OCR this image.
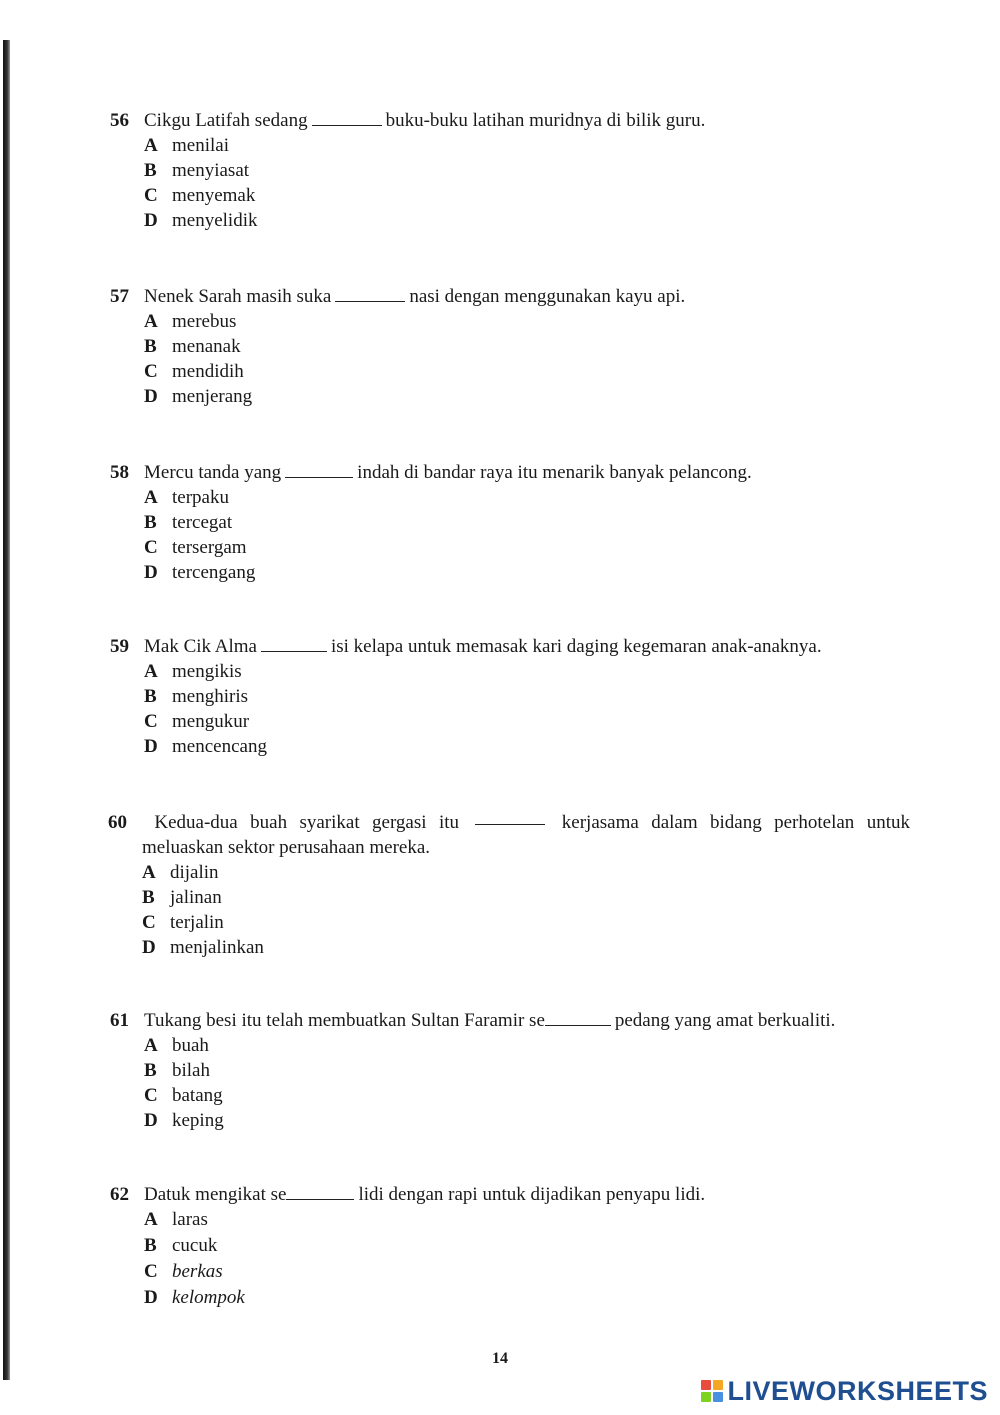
56 Cikgu Latifah sedang	buku-buku latihan muridnya di bilik guru.
A menilai
B menyiasat
C menyemak
D menyelidik
57 Nenek Sarah masih suka	nasi dengan menggunakan kayu api.
A merebus
B menanak
C mendidih
D menjerang
58 Mercu tanda yang	indah di bandar raya itu menarik banyak pelancong.
A terpaku
B tercegat
C tersergam
D tercengang
59 Mak Cik Alma	isi kelapa untuk memasak kari daging kegemaran anak-anaknya.
A mengikis
B menghiris
C mengukur
D mencencang
60	Kedua-dua buah syarikat gergasi itu	kerjasama dalam bidang perhotelan untuk
meluaskan sektor perusahaan mereka.
A dijalin
B jalinan
C terjalin
D menjalinkan
61 Tukang besi itu telah membuatkan Sultan Faramir se	pedang yang amat berkualiti.
A buah
B bilah
C batang
D keping
62 Datuk mengikat se	lidi dengan rapi untuk dijadikan penyapu lidi.
A laras
B cucuk
C berkas
D kelompok
14
LIVEWORKSHEETS
